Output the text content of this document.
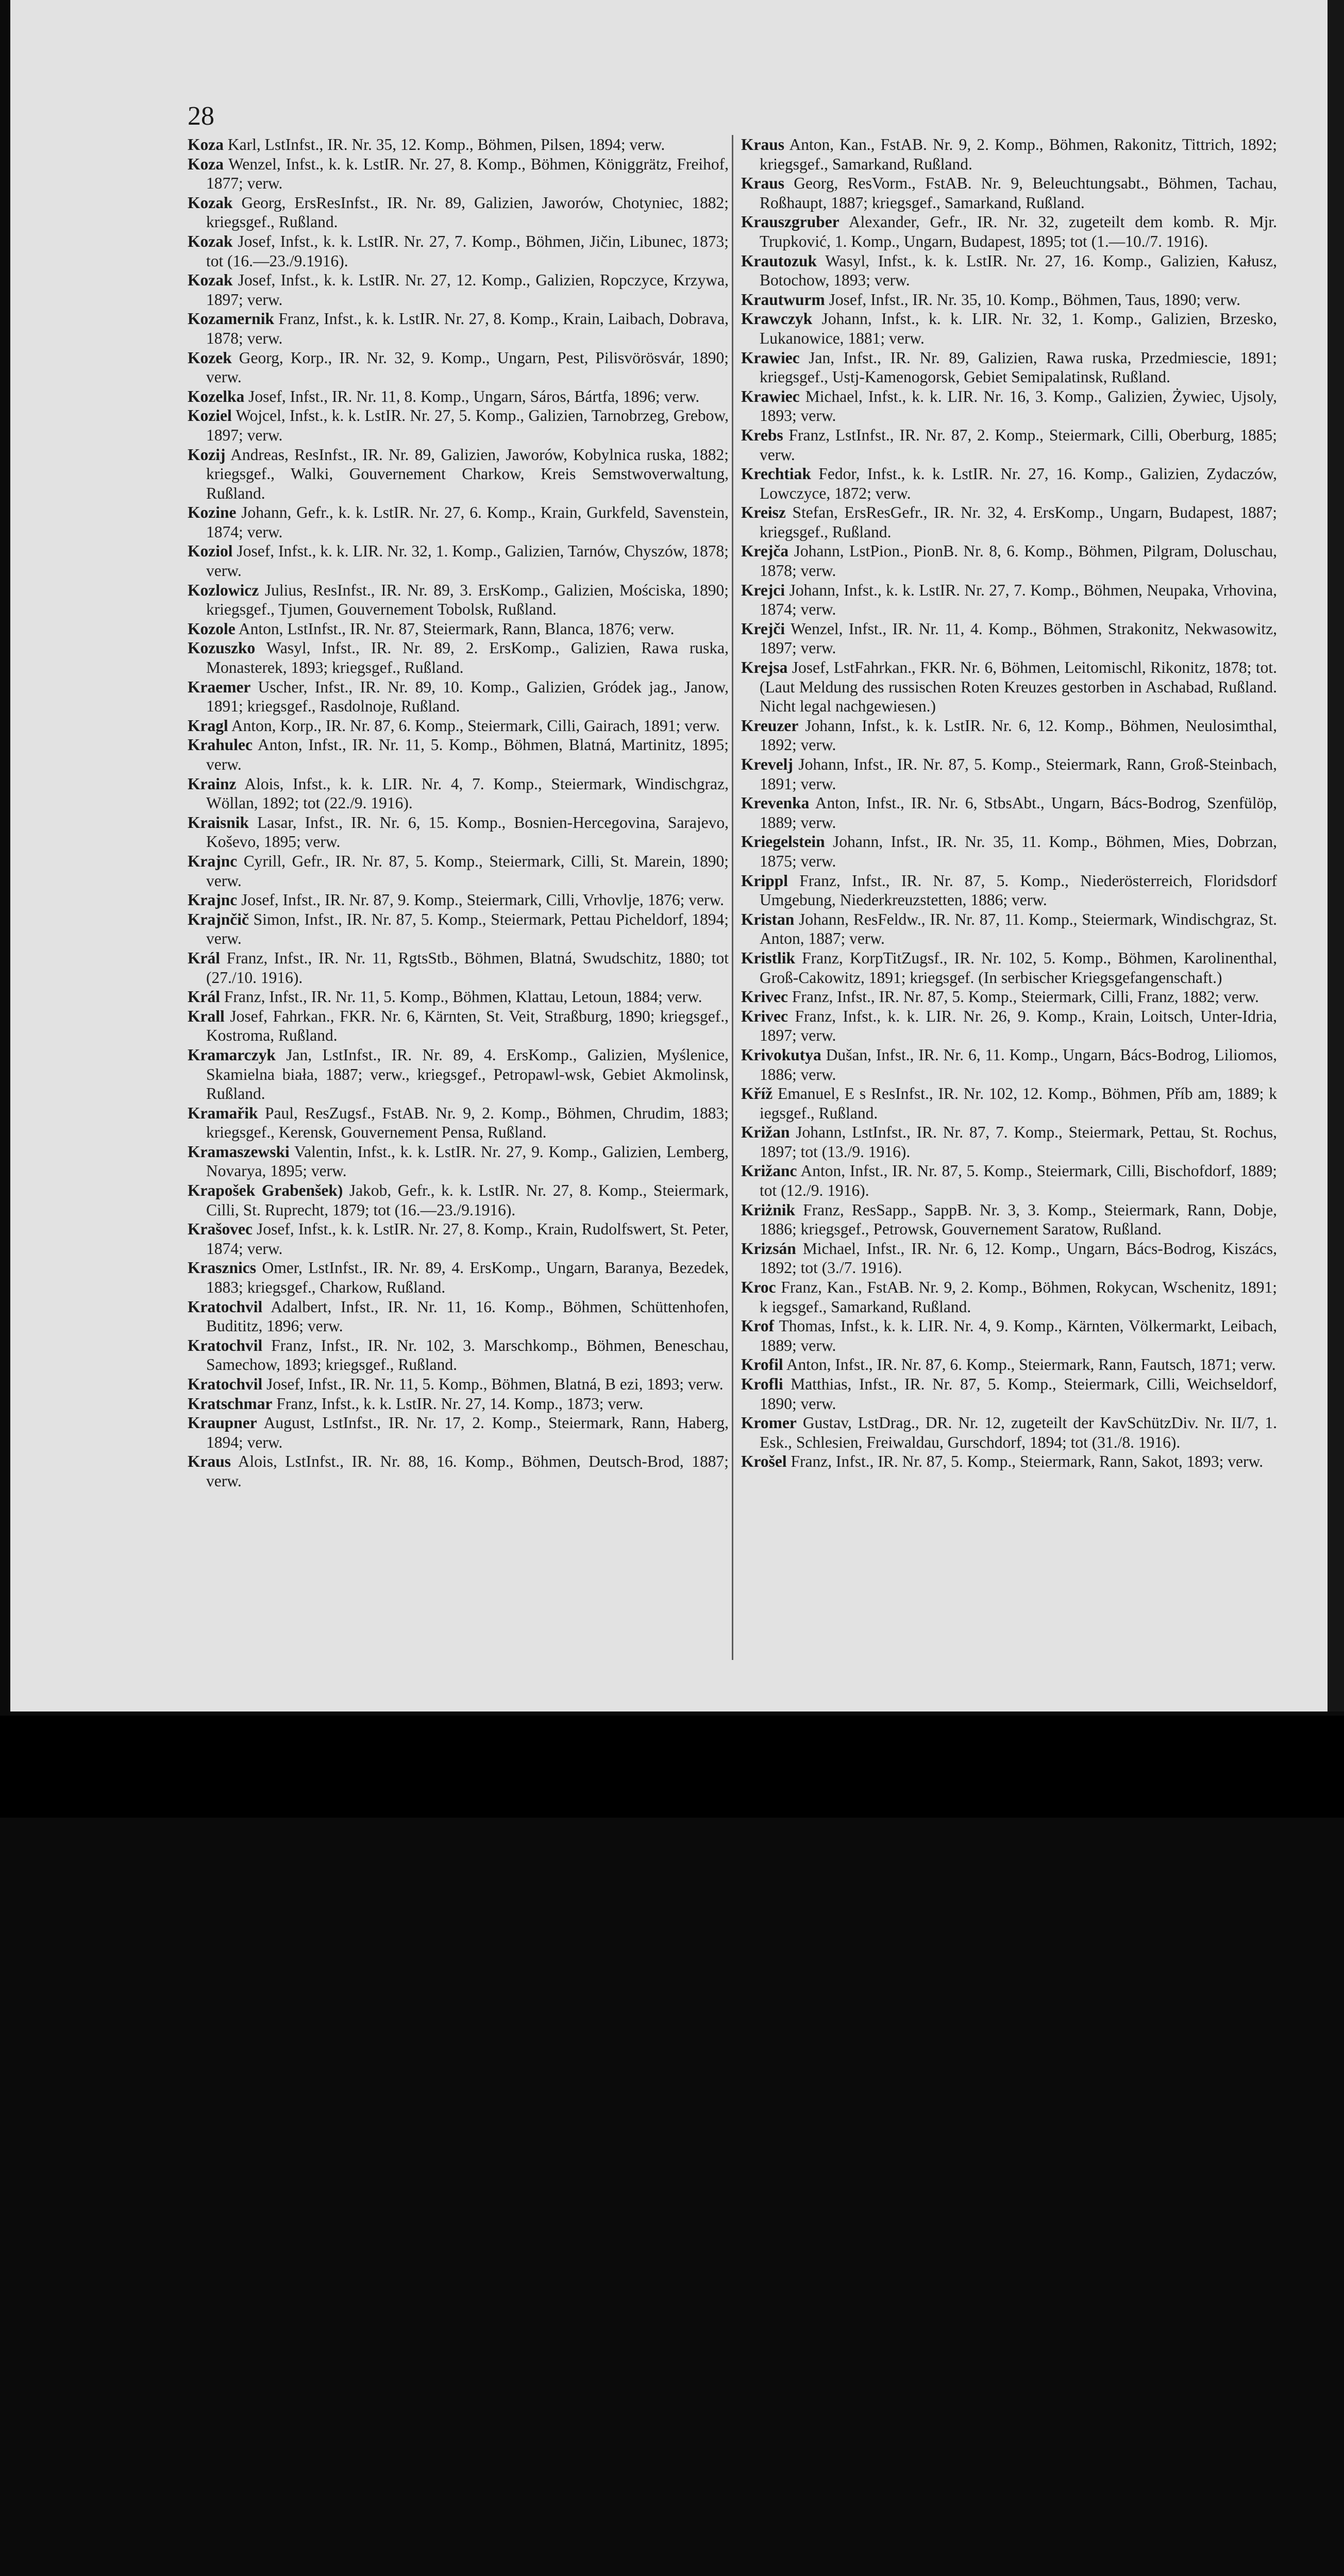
28

Koza Karl, LstInfst., IR. Nr. 35, 12. Komp., Böhmen, Pilsen, 1894; verw.

Koza Wenzel, Infst., k. k. LstIR. Nr. 27, 8. Komp., Böhmen, Königgrätz, Freihof, 1877; verw.

Kozak Georg, ErsResInfst., IR. Nr. 89, Galizien, Jaworów, Chotyniec, 1882; kriegsgef., Rußland.

Kozak Josef, Infst., k. k. LstIR. Nr. 27, 7. Komp., Böhmen, Jičin, Libunec, 1873; tot (16.—23./9.1916).

Kozak Josef, Infst., k. k. LstIR. Nr. 27, 12. Komp., Galizien, Ropczyce, Krzywa, 1897; verw.

Kozamernik Franz, Infst., k. k. LstIR. Nr. 27, 8. Komp., Krain, Laibach, Dobrava, 1878; verw.

Kozek Georg, Korp., IR. Nr. 32, 9. Komp., Ungarn, Pest, Pilisvörösvár, 1890; verw.

Kozelka Josef, Infst., IR. Nr. 11, 8. Komp., Ungarn, Sáros, Bártfa, 1896; verw.

Koziel Wojcel, Infst., k. k. LstIR. Nr. 27, 5. Komp., Galizien, Tarnobrzeg, Grebow, 1897; verw.

Kozij Andreas, ResInfst., IR. Nr. 89, Galizien, Jaworów, Kobylnica ruska, 1882; kriegsgef., Walki, Gouvernement Charkow, Kreis Semstwoverwaltung, Rußland.

Kozine Johann, Gefr., k. k. LstIR. Nr. 27, 6. Komp., Krain, Gurkfeld, Savenstein, 1874; verw.

Koziol Josef, Infst., k. k. LIR. Nr. 32, 1. Komp., Galizien, Tarnów, Chyszów, 1878; verw.

Kozlowicz Julius, ResInfst., IR. Nr. 89, 3. ErsKomp., Galizien, Mościska, 1890; kriegsgef., Tjumen, Gouvernement Tobolsk, Rußland.

Kozole Anton, LstInfst., IR. Nr. 87, Steiermark, Rann, Blanca, 1876; verw.

Kozuszko Wasyl, Infst., IR. Nr. 89, 2. ErsKomp., Galizien, Rawa ruska, Monasterek, 1893; kriegsgef., Rußland.

Kraemer Uscher, Infst., IR. Nr. 89, 10. Komp., Galizien, Gródek jag., Janow, 1891; kriegsgef., Rasdolnoje, Rußland.

Kragl Anton, Korp., IR. Nr. 87, 6. Komp., Steiermark, Cilli, Gairach, 1891; verw.

Krahulec Anton, Infst., IR. Nr. 11, 5. Komp., Böhmen, Blatná, Martinitz, 1895; verw.

Krainz Alois, Infst., k. k. LIR. Nr. 4, 7. Komp., Steiermark, Windischgraz, Wöllan, 1892; tot (22./9. 1916).

Kraisnik Lasar, Infst., IR. Nr. 6, 15. Komp., Bosnien-Hercegovina, Sarajevo, Koševo, 1895; verw.

Krajnc Cyrill, Gefr., IR. Nr. 87, 5. Komp., Steiermark, Cilli, St. Marein, 1890; verw.

Krajnc Josef, Infst., IR. Nr. 87, 9. Komp., Steiermark, Cilli, Vrhovlje, 1876; verw.

Krajnčič Simon, Infst., IR. Nr. 87, 5. Komp., Steiermark, Pettau Picheldorf, 1894; verw.

Král Franz, Infst., IR. Nr. 11, RgtsStb., Böhmen, Blatná, Swudschitz, 1880; tot (27./10. 1916).

Král Franz, Infst., IR. Nr. 11, 5. Komp., Böhmen, Klattau, Letoun, 1884; verw.

Krall Josef, Fahrkan., FKR. Nr. 6, Kärnten, St. Veit, Straßburg, 1890; kriegsgef., Kostroma, Rußland.

Kramarczyk Jan, LstInfst., IR. Nr. 89, 4. ErsKomp., Galizien, Myślenice, Skamielna biała, 1887; verw., kriegsgef., Petropawl-wsk, Gebiet Akmolinsk, Rußland.

Kramařik Paul, ResZugsf., FstAB. Nr. 9, 2. Komp., Böhmen, Chrudim, 1883; kriegsgef., Kerensk, Gouvernement Pensa, Rußland.

Kramaszewski Valentin, Infst., k. k. LstIR. Nr. 27, 9. Komp., Galizien, Lemberg, Novarya, 1895; verw.

Krapošek Grabenšek) Jakob, Gefr., k. k. LstIR. Nr. 27, 8. Komp., Steiermark, Cilli, St. Ruprecht, 1879; tot (16.—23./9.1916).

Krašovec Josef, Infst., k. k. LstIR. Nr. 27, 8. Komp., Krain, Rudolfswert, St. Peter, 1874; verw.

Krasznics Omer, LstInfst., IR. Nr. 89, 4. ErsKomp., Ungarn, Baranya, Bezedek, 1883; kriegsgef., Charkow, Rußland.

Kratochvil Adalbert, Infst., IR. Nr. 11, 16. Komp., Böhmen, Schüttenhofen, Budititz, 1896; verw.

Kratochvil Franz, Infst., IR. Nr. 102, 3. Marschkomp., Böhmen, Beneschau, Samechow, 1893; kriegsgef., Rußland.

Kratochvil Josef, Infst., IR. Nr. 11, 5. Komp., Böhmen, Blatná, B ezi, 1893; verw.

Kratschmar Franz, Infst., k. k. LstIR. Nr. 27, 14. Komp., 1873; verw.

Kraupner August, LstInfst., IR. Nr. 17, 2. Komp., Steiermark, Rann, Haberg, 1894; verw.

Kraus Alois, LstInfst., IR. Nr. 88, 16. Komp., Böhmen, Deutsch-Brod, 1887; verw.

Kraus Anton, Kan., FstAB. Nr. 9, 2. Komp., Böhmen, Rakonitz, Tittrich, 1892; kriegsgef., Samarkand, Rußland.

Kraus Georg, ResVorm., FstAB. Nr. 9, Beleuchtungsabt., Böhmen, Tachau, Roßhaupt, 1887; kriegsgef., Samarkand, Rußland.

Krauszgruber Alexander, Gefr., IR. Nr. 32, zugeteilt dem komb. R. Mjr. Trupković, 1. Komp., Ungarn, Budapest, 1895; tot (1.—10./7. 1916).

Krautozuk Wasyl, Infst., k. k. LstIR. Nr. 27, 16. Komp., Galizien, Kałusz, Botochow, 1893; verw.

Krautwurm Josef, Infst., IR. Nr. 35, 10. Komp., Böhmen, Taus, 1890; verw.

Krawczyk Johann, Infst., k. k. LIR. Nr. 32, 1. Komp., Galizien, Brzesko, Lukanowice, 1881; verw.

Krawiec Jan, Infst., IR. Nr. 89, Galizien, Rawa ruska, Przedmiescie, 1891; kriegsgef., Ustj-Kamenogorsk, Gebiet Semipalatinsk, Rußland.

Krawiec Michael, Infst., k. k. LIR. Nr. 16, 3. Komp., Galizien, Żywiec, Ujsoly, 1893; verw.

Krebs Franz, LstInfst., IR. Nr. 87, 2. Komp., Steiermark, Cilli, Oberburg, 1885; verw.

Krechtiak Fedor, Infst., k. k. LstIR. Nr. 27, 16. Komp., Galizien, Zydaczów, Lowczyce, 1872; verw.

Kreisz Stefan, ErsResGefr., IR. Nr. 32, 4. ErsKomp., Ungarn, Budapest, 1887; kriegsgef., Rußland.

Krejča Johann, LstPion., PionB. Nr. 8, 6. Komp., Böhmen, Pilgram, Doluschau, 1878; verw.

Krejci Johann, Infst., k. k. LstIR. Nr. 27, 7. Komp., Böhmen, Neupaka, Vrhovina, 1874; verw.

Krejči Wenzel, Infst., IR. Nr. 11, 4. Komp., Böhmen, Strakonitz, Nekwasowitz, 1897; verw.

Krejsa Josef, LstFahrkan., FKR. Nr. 6, Böhmen, Leitomischl, Rikonitz, 1878; tot. (Laut Meldung des russischen Roten Kreuzes gestorben in Aschabad, Rußland. Nicht legal nachgewiesen.)

Kreuzer Johann, Infst., k. k. LstIR. Nr. 6, 12. Komp., Böhmen, Neulosimthal, 1892; verw.

Krevelj Johann, Infst., IR. Nr. 87, 5. Komp., Steiermark, Rann, Groß-Steinbach, 1891; verw.

Krevenka Anton, Infst., IR. Nr. 6, StbsAbt., Ungarn, Bács-Bodrog, Szenfülöp, 1889; verw.

Kriegelstein Johann, Infst., IR. Nr. 35, 11. Komp., Böhmen, Mies, Dobrzan, 1875; verw.

Krippl Franz, Infst., IR. Nr. 87, 5. Komp., Niederösterreich, Floridsdorf Umgebung, Niederkreuzstetten, 1886; verw.

Kristan Johann, ResFeldw., IR. Nr. 87, 11. Komp., Steiermark, Windischgraz, St. Anton, 1887; verw.

Kristlik Franz, KorpTitZugsf., IR. Nr. 102, 5. Komp., Böhmen, Karolinenthal, Groß-Cakowitz, 1891; kriegsgef. (In serbischer Kriegsgefangenschaft.)

Krivec Franz, Infst., IR. Nr. 87, 5. Komp., Steiermark, Cilli, Franz, 1882; verw.

Krivec Franz, Infst., k. k. LIR. Nr. 26, 9. Komp., Krain, Loitsch, Unter-Idria, 1897; verw.

Krivokutya Dušan, Infst., IR. Nr. 6, 11. Komp., Ungarn, Bács-Bodrog, Liliomos, 1886; verw.

Kříž Emanuel, E s ResInfst., IR. Nr. 102, 12. Komp., Böhmen, Příb am, 1889; k iegsgef., Rußland.

Križan Johann, LstInfst., IR. Nr. 87, 7. Komp., Steiermark, Pettau, St. Rochus, 1897; tot (13./9. 1916).

Križanc Anton, Infst., IR. Nr. 87, 5. Komp., Steiermark, Cilli, Bischofdorf, 1889; tot (12./9. 1916).

Kriżnik Franz, ResSapp., SappB. Nr. 3, 3. Komp., Steiermark, Rann, Dobje, 1886; kriegsgef., Petrowsk, Gouvernement Saratow, Rußland.

Krizsán Michael, Infst., IR. Nr. 6, 12. Komp., Ungarn, Bács-Bodrog, Kiszács, 1892; tot (3./7. 1916).

Kroc Franz, Kan., FstAB. Nr. 9, 2. Komp., Böhmen, Rokycan, Wschenitz, 1891; k iegsgef., Samarkand, Rußland.

Krof Thomas, Infst., k. k. LIR. Nr. 4, 9. Komp., Kärnten, Völkermarkt, Leibach, 1889; verw.

Krofil Anton, Infst., IR. Nr. 87, 6. Komp., Steiermark, Rann, Fautsch, 1871; verw.

Krofli Matthias, Infst., IR. Nr. 87, 5. Komp., Steiermark, Cilli, Weichseldorf, 1890; verw.

Kromer Gustav, LstDrag., DR. Nr. 12, zugeteilt der KavSchützDiv. Nr. II/7, 1. Esk., Schlesien, Freiwaldau, Gurschdorf, 1894; tot (31./8. 1916).

Krošel Franz, Infst., IR. Nr. 87, 5. Komp., Steiermark, Rann, Sakot, 1893; verw.
